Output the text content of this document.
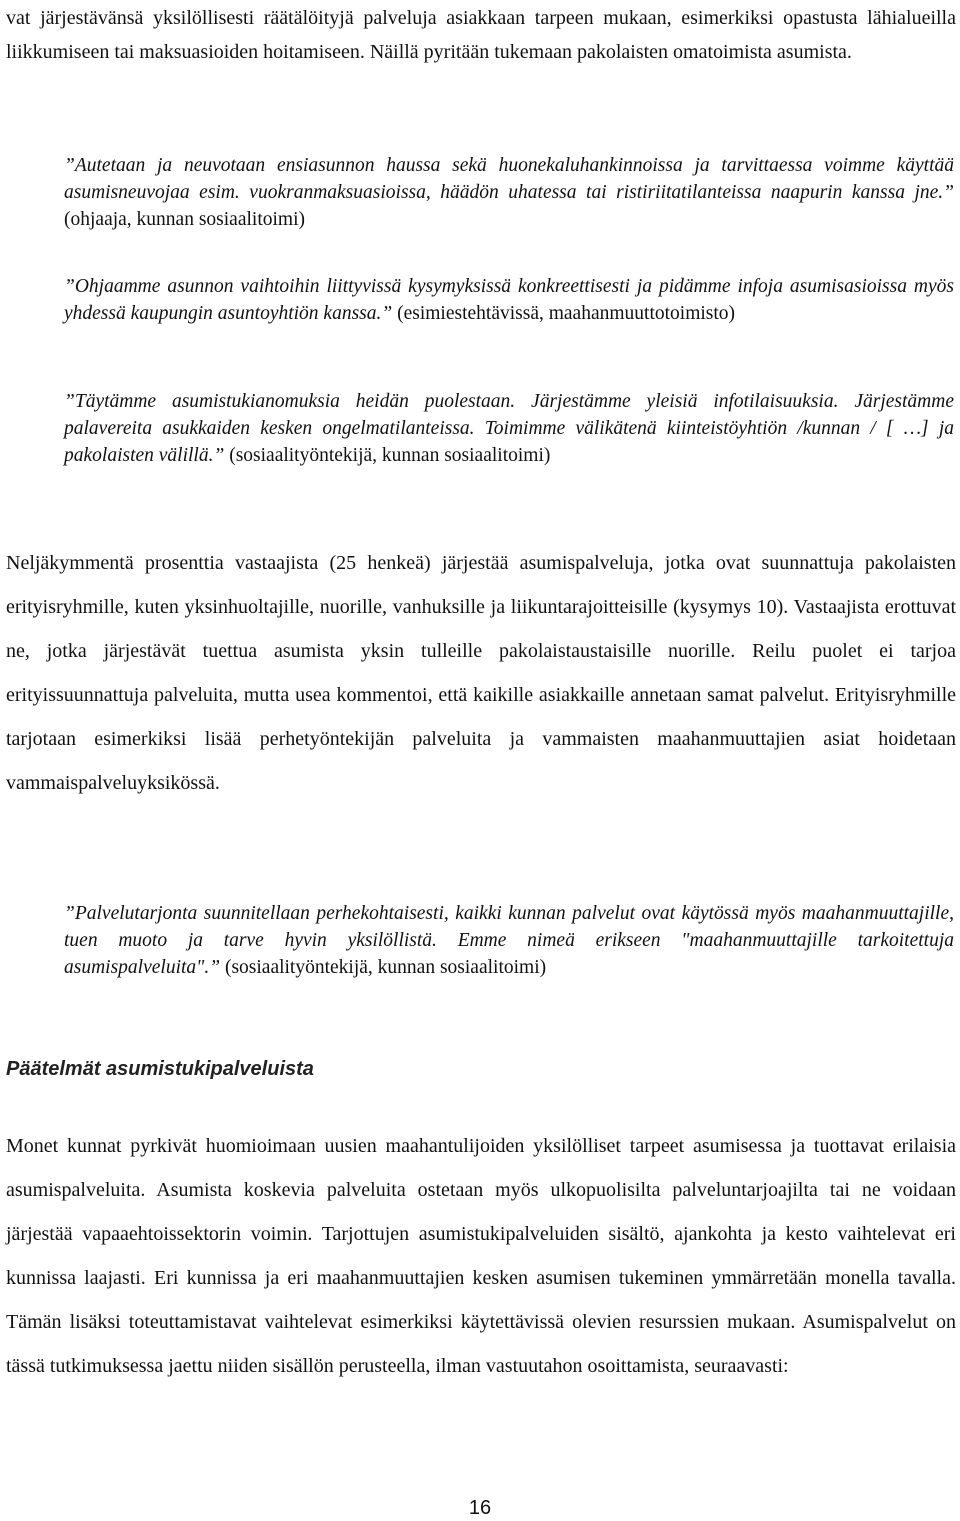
vat järjestävänsä yksilöllisesti räätälöityjä palveluja asiakkaan tarpeen mukaan, esimerkiksi opastusta lähialueilla liikkumiseen tai maksuasioiden hoitamiseen. Näillä pyritään tukemaan pakolaisten omatoimista asumista.

”Autetaan ja neuvotaan ensiasunnon haussa sekä huonekaluhankinnoissa ja tarvittaessa voimme käyttää asumisneuvojaa esim. vuokranmaksuasioissa, häädön uhatessa tai ristiriitatilanteissa naapurin kanssa jne.” (ohjaaja, kunnan sosiaalitoimi)

”Ohjaamme asunnon vaihtoihin liittyvissä kysymyksissä konkreettisesti ja pidämme infoja asumisasioissa myös yhdessä kaupungin asuntoyhtiön kanssa.” (esimiestehtävissä, maahanmuuttotoimisto)

”Täytämme asumistukianomuksia heidän puolestaan. Järjestämme yleisiä infotilaisuuksia. Järjestämme palavereita asukkaiden kesken ongelmatilanteissa. Toimimme välikätenä kiinteistöyhtiön /kunnan / [ …] ja pakolaisten välillä.” (sosiaalityöntekijä, kunnan sosiaalitoimi)

Neljäkymmentä prosenttia vastaajista (25 henkeä) järjestää asumispalveluja, jotka ovat suunnattuja pakolaisten erityisryhmille, kuten yksinhuoltajille, nuorille, vanhuksille ja liikuntarajoitteisille (kysymys 10). Vastaajista erottuvat ne, jotka järjestävät tuettua asumista yksin tulleille pakolaistaustaisille nuorille. Reilu puolet ei tarjoa erityissuunnattuja palveluita, mutta usea kommentoi, että kaikille asiakkaille annetaan samat palvelut. Erityisryhmille tarjotaan esimerkiksi lisää perhetyöntekijän palveluita ja vammaisten maahanmuuttajien asiat hoidetaan vammaispalveluyksikössä.

”Palvelutarjonta suunnitellaan perhekohtaisesti, kaikki kunnan palvelut ovat käytössä myös maahanmuuttajille, tuen muoto ja tarve hyvin yksilöllistä. Emme nimeä erikseen "maahanmuuttajille tarkoitettuja asumispalveluita".” (sosiaalityöntekijä, kunnan sosiaalitoimi)

Päätelmät asumistukipalveluista

Monet kunnat pyrkivät huomioimaan uusien maahantulijoiden yksilölliset tarpeet asumisessa ja tuottavat erilaisia asumispalveluita. Asumista koskevia palveluita ostetaan myös ulkopuolisilta palveluntarjoajilta tai ne voidaan järjestää vapaaehtoissektorin voimin. Tarjottujen asumistukipalveluiden sisältö, ajankohta ja kesto vaihtelevat eri kunnissa laajasti. Eri kunnissa ja eri maahanmuuttajien kesken asumisen tukeminen ymmärretään monella tavalla. Tämän lisäksi toteuttamistavat vaihtelevat esimerkiksi käytettävissä olevien resurssien mukaan. Asumispalvelut on tässä tutkimuksessa jaettu niiden sisällön perusteella, ilman vastuutahon osoittamista, seuraavasti:

16
